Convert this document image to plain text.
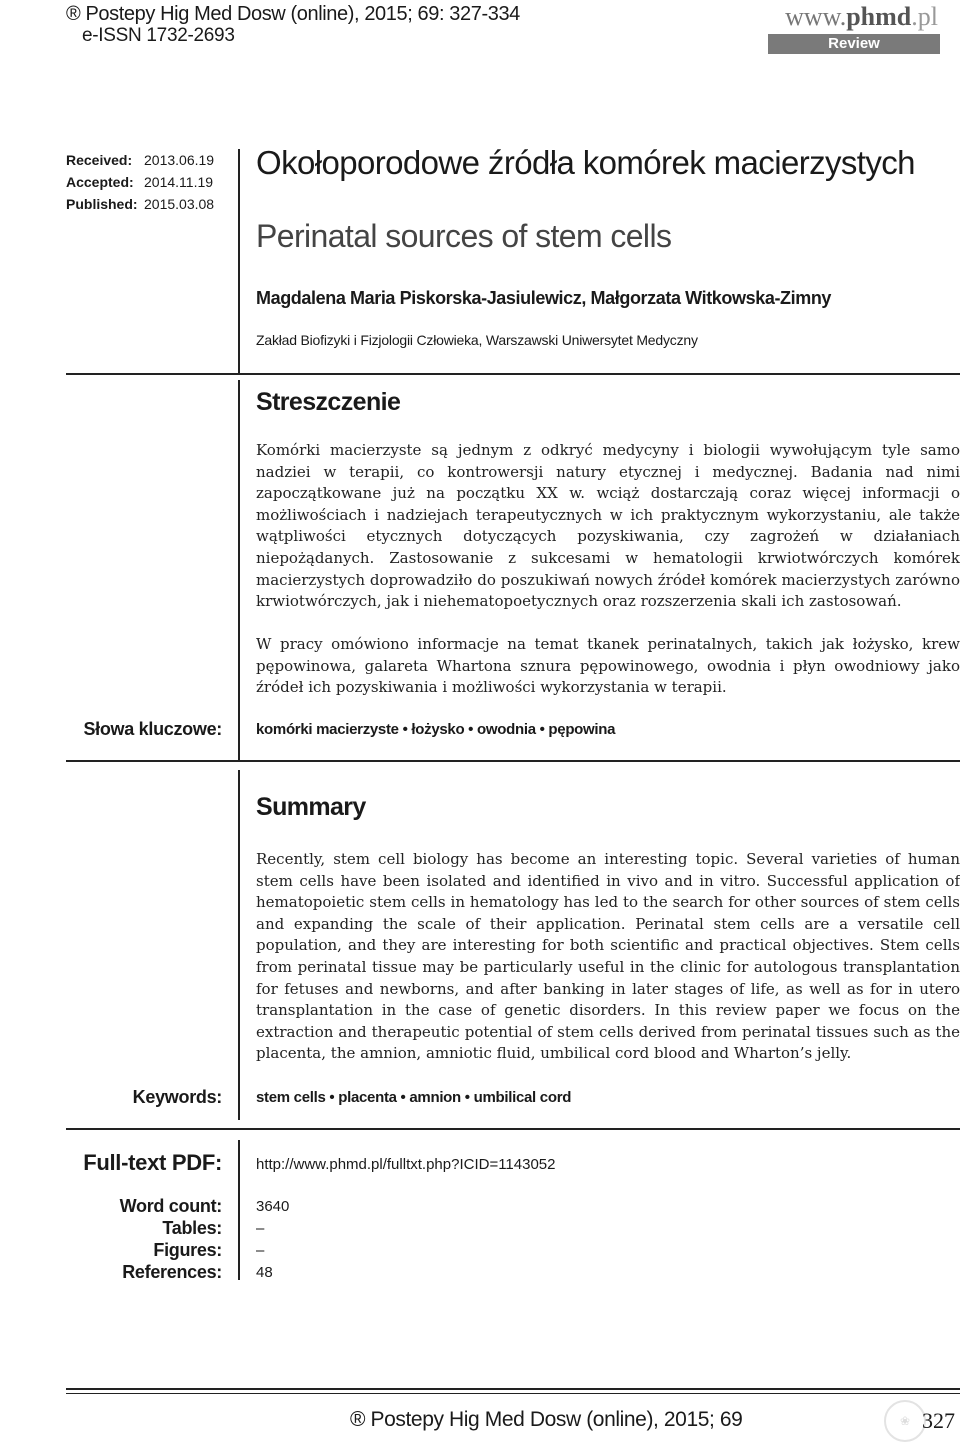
® Postepy Hig Med Dosw (online), 2015; 69: 327-334
e-ISSN 1732-2693
www.phmd.pl
Review
Received: 2013.06.19
Accepted: 2014.11.19
Published: 2015.03.08
Okołoporodowe źródła komórek macierzystych
Perinatal sources of stem cells
Magdalena Maria Piskorska-Jasiulewicz, Małgorzata Witkowska-Zimny
Zakład Biofizyki i Fizjologii Człowieka, Warszawski Uniwersytet Medyczny
Streszczenie
Komórki macierzyste są jednym z odkryć medycyny i biologii wywołującym tyle samo nadziei w terapii, co kontrowersji natury etycznej i medycznej. Badania nad nimi zapoczątkowane już na początku XX w. wciąż dostarczają coraz więcej informacji o możliwościach i nadziejach terapeutycznych w ich praktycznym wykorzystaniu, ale także wątpliwości etycznych dotyczących pozyskiwania, czy zagrożeń w działaniach niepożądanych. Zastosowanie z sukcesami w hematologii krwiotwórczych komórek macierzystych doprowadziło do poszukiwań nowych źródeł komórek macierzystych zarówno krwiotwórczych, jak i niehematopoetycznych oraz rozszerzenia skali ich zastosowań.
W pracy omówiono informacje na temat tkanek perinatalnych, takich jak łożysko, krew pępowinowa, galareta Whartona sznura pępowinowego, owodnia i płyn owodniowy jako źródeł ich pozyskiwania i możliwości wykorzystania w terapii.
Słowa kluczowe: komórki macierzyste • łożysko • owodnia • pępowina
Summary
Recently, stem cell biology has become an interesting topic. Several varieties of human stem cells have been isolated and identified in vivo and in vitro. Successful application of hematopoietic stem cells in hematology has led to the search for other sources of stem cells and expanding the scale of their application. Perinatal stem cells are a versatile cell population, and they are interesting for both scientific and practical objectives. Stem cells from perinatal tissue may be particularly useful in the clinic for autologous transplantation for fetuses and newborns, and after banking in later stages of life, as well as for in utero transplantation in the case of genetic disorders. In this review paper we focus on the extraction and therapeutic potential of stem cells derived from perinatal tissues such as the placenta, the amnion, amniotic fluid, umbilical cord blood and Wharton’s jelly.
Keywords: stem cells • placenta • amnion • umbilical cord
Full-text PDF: http://www.phmd.pl/fulltxt.php?ICID=1143052
Word count: 3640
Tables: –
Figures: –
References: 48
® Postepy Hig Med Dosw (online), 2015; 69	❀ 327
